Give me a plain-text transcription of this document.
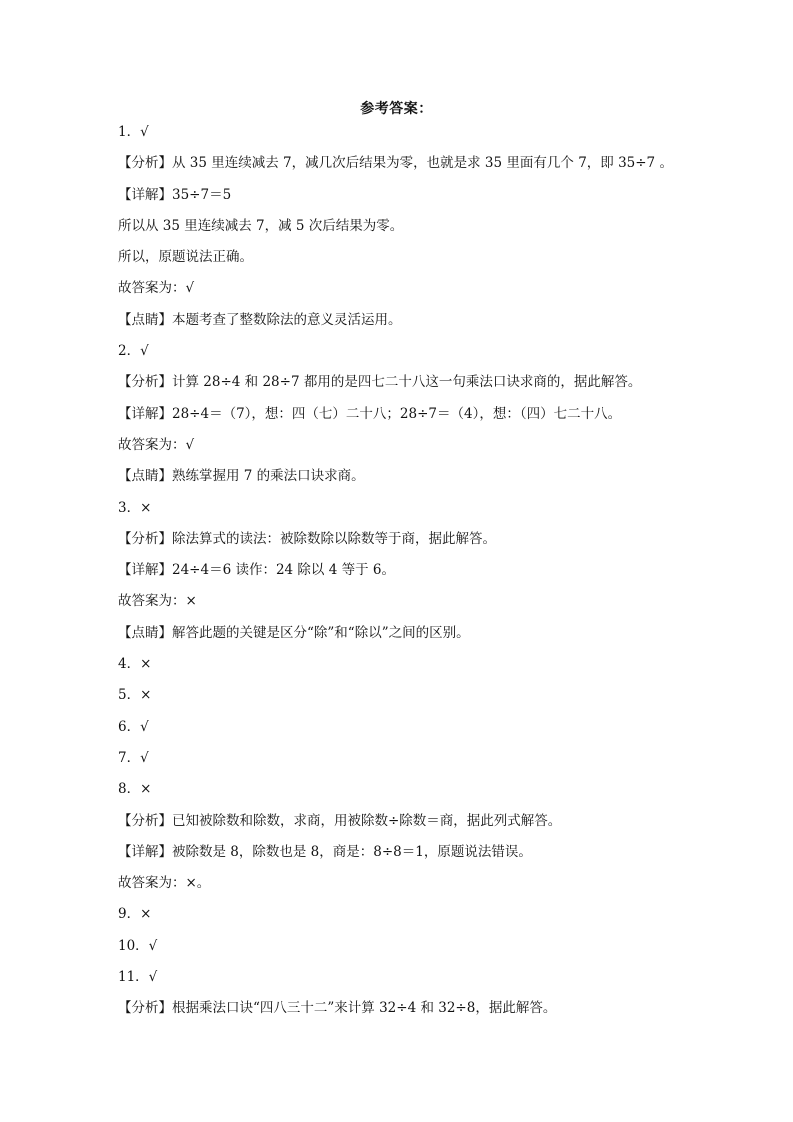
参考答案：
1．√
【分析】从 35 里连续减去 7，减几次后结果为零，也就是求 35 里面有几个 7，即 35÷7 。
【详解】35÷7＝5
所以从 35 里连续减去 7，减 5 次后结果为零。
所以，原题说法正确。
故答案为：√
【点睛】本题考查了整数除法的意义灵活运用。
2．√
【分析】计算 28÷4 和 28÷7 都用的是四七二十八这一句乘法口诀求商的，据此解答。
【详解】28÷4＝（7），想：四（七）二十八；28÷7＝（4），想：（四）七二十八。
故答案为：√
【点睛】熟练掌握用 7 的乘法口诀求商。
3．×
【分析】除法算式的读法：被除数除以除数等于商，据此解答。
【详解】24÷4＝6 读作：24 除以 4 等于 6。
故答案为：×
【点睛】解答此题的关键是区分“除”和“除以”之间的区别。
4．×
5．×
6．√
7．√
8．×
【分析】已知被除数和除数，求商，用被除数÷除数＝商，据此列式解答。
【详解】被除数是 8，除数也是 8，商是：8÷8＝1，原题说法错误。
故答案为：×。
9．×
10．√
11．√
【分析】根据乘法口诀“四八三十二”来计算 32÷4 和 32÷8，据此解答。
